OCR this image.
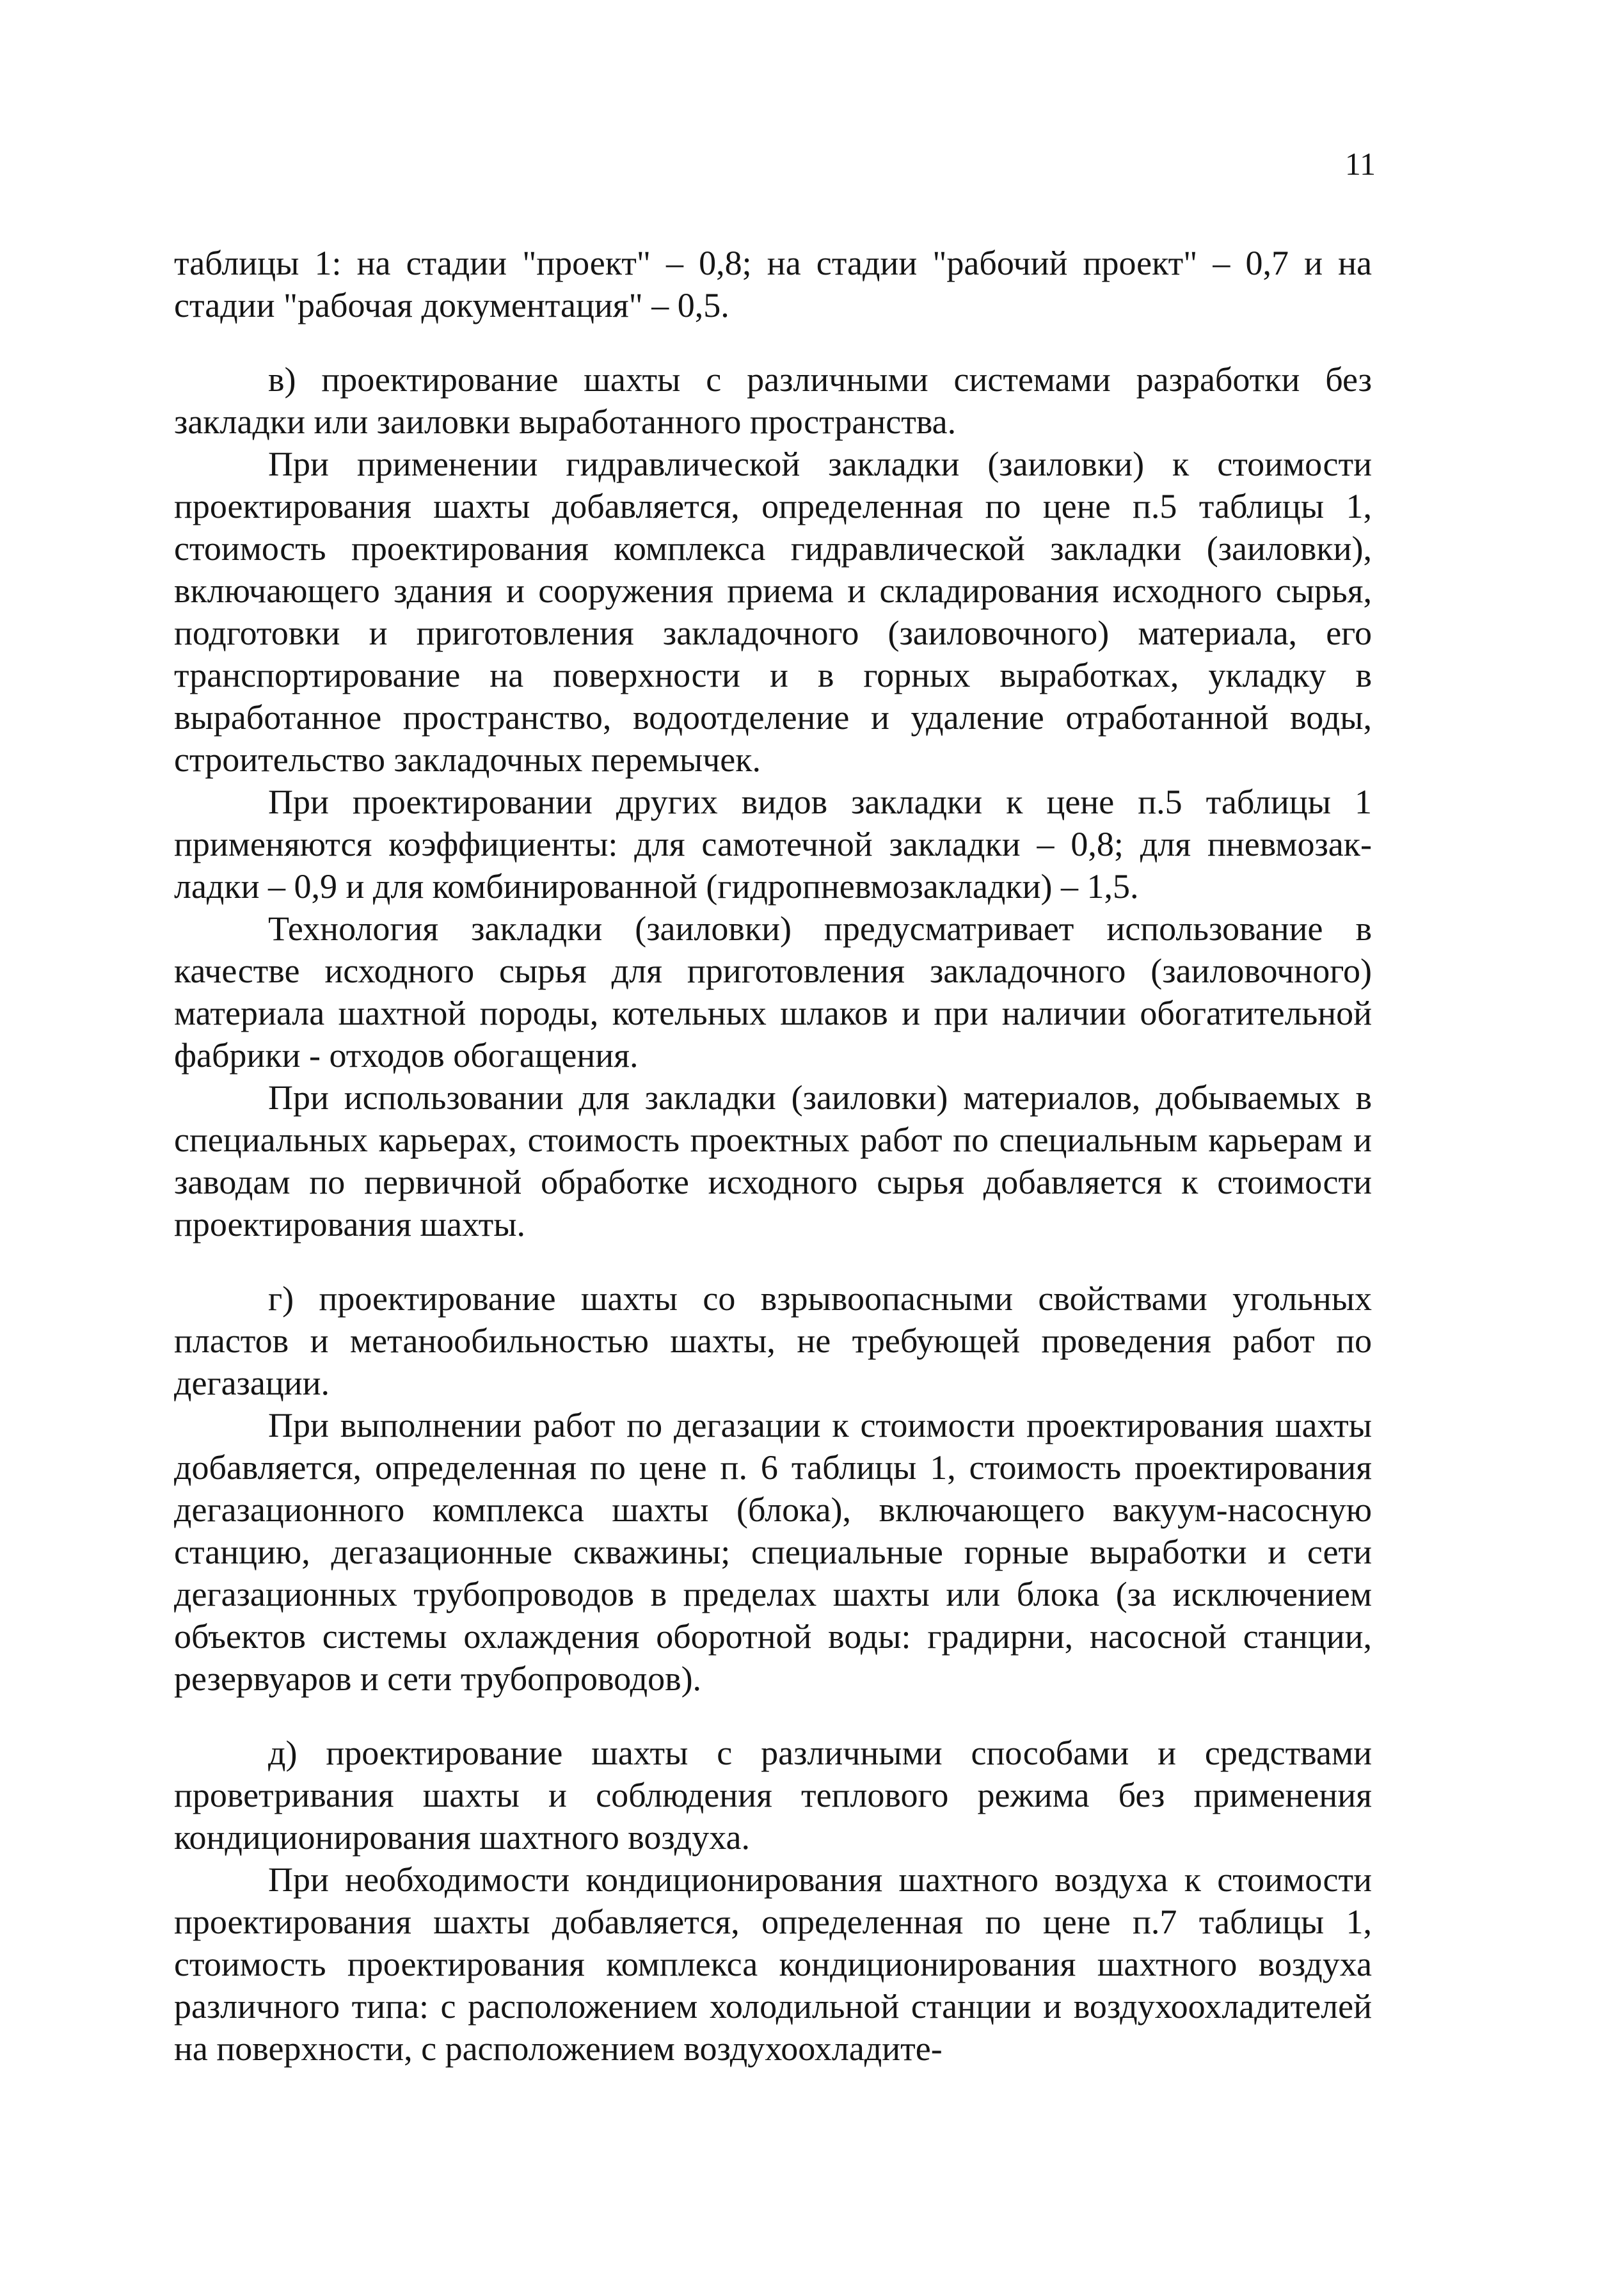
11

таблицы 1: на стадии "проект" – 0,8; на стадии "рабочий проект" – 0,7 и на стадии "рабочая документация" – 0,5.

в) проектирование шахты с различными системами разработки без закладки или заиловки выработанного пространства.

При применении гидравлической закладки (заиловки) к стоимости проектирования шахты добавляется, определенная по цене п.5 таблицы 1, стоимость проектирования комплекса гидравлической закладки (заиловки), включающего здания и сооружения приема и складирования исходного сырья, подготовки и приготовления закладочного (заиловочного) материала, его транспортирование на поверхности и в горных выработках, укладку в выработанное пространство, водоотделение и удаление отработанной воды, строительство закладочных перемычек.

При проектировании других видов закладки к цене п.5 таблицы 1 применяются коэффициенты: для самотечной закладки – 0,8; для пневмозакладки – 0,9 и для комбинированной (гидропневмозакладки) – 1,5.

Технология закладки (заиловки) предусматривает использование в качестве исходного сырья для приготовления закладочного (заиловочного) материала шахтной породы, котельных шлаков и при наличии обогатительной фабрики - отходов обогащения.

При использовании для закладки (заиловки) материалов, добываемых в специальных карьерах, стоимость проектных работ по специальным карьерам и заводам по первичной обработке исходного сырья добавляется к стоимости проектирования шахты.

г) проектирование шахты со взрывоопасными свойствами угольных пластов и метанообильностью шахты, не требующей проведения работ по дегазации.

При выполнении работ по дегазации к стоимости проектирования шахты добавляется, определенная по цене п. 6 таблицы 1, стоимость проектирования дегазационного комплекса шахты (блока), включающего вакуум-насосную станцию, дегазационные скважины; специальные горные выработки и сети дегазационных трубопроводов в пределах шахты или блока (за исключением объектов системы охлаждения оборотной воды: градирни, насосной станции, резервуаров и сети трубопроводов).

д) проектирование шахты с различными способами и средствами проветривания шахты и соблюдения теплового режима без применения кондиционирования шахтного воздуха.

При необходимости кондиционирования шахтного воздуха к стоимости проектирования шахты добавляется, определенная по цене п.7 таблицы 1, стоимость проектирования комплекса кондиционирования шахтного воздуха различного типа: с расположением холодильной станции и воздухоохладителей на поверхности, с расположением воздухоохладите-
